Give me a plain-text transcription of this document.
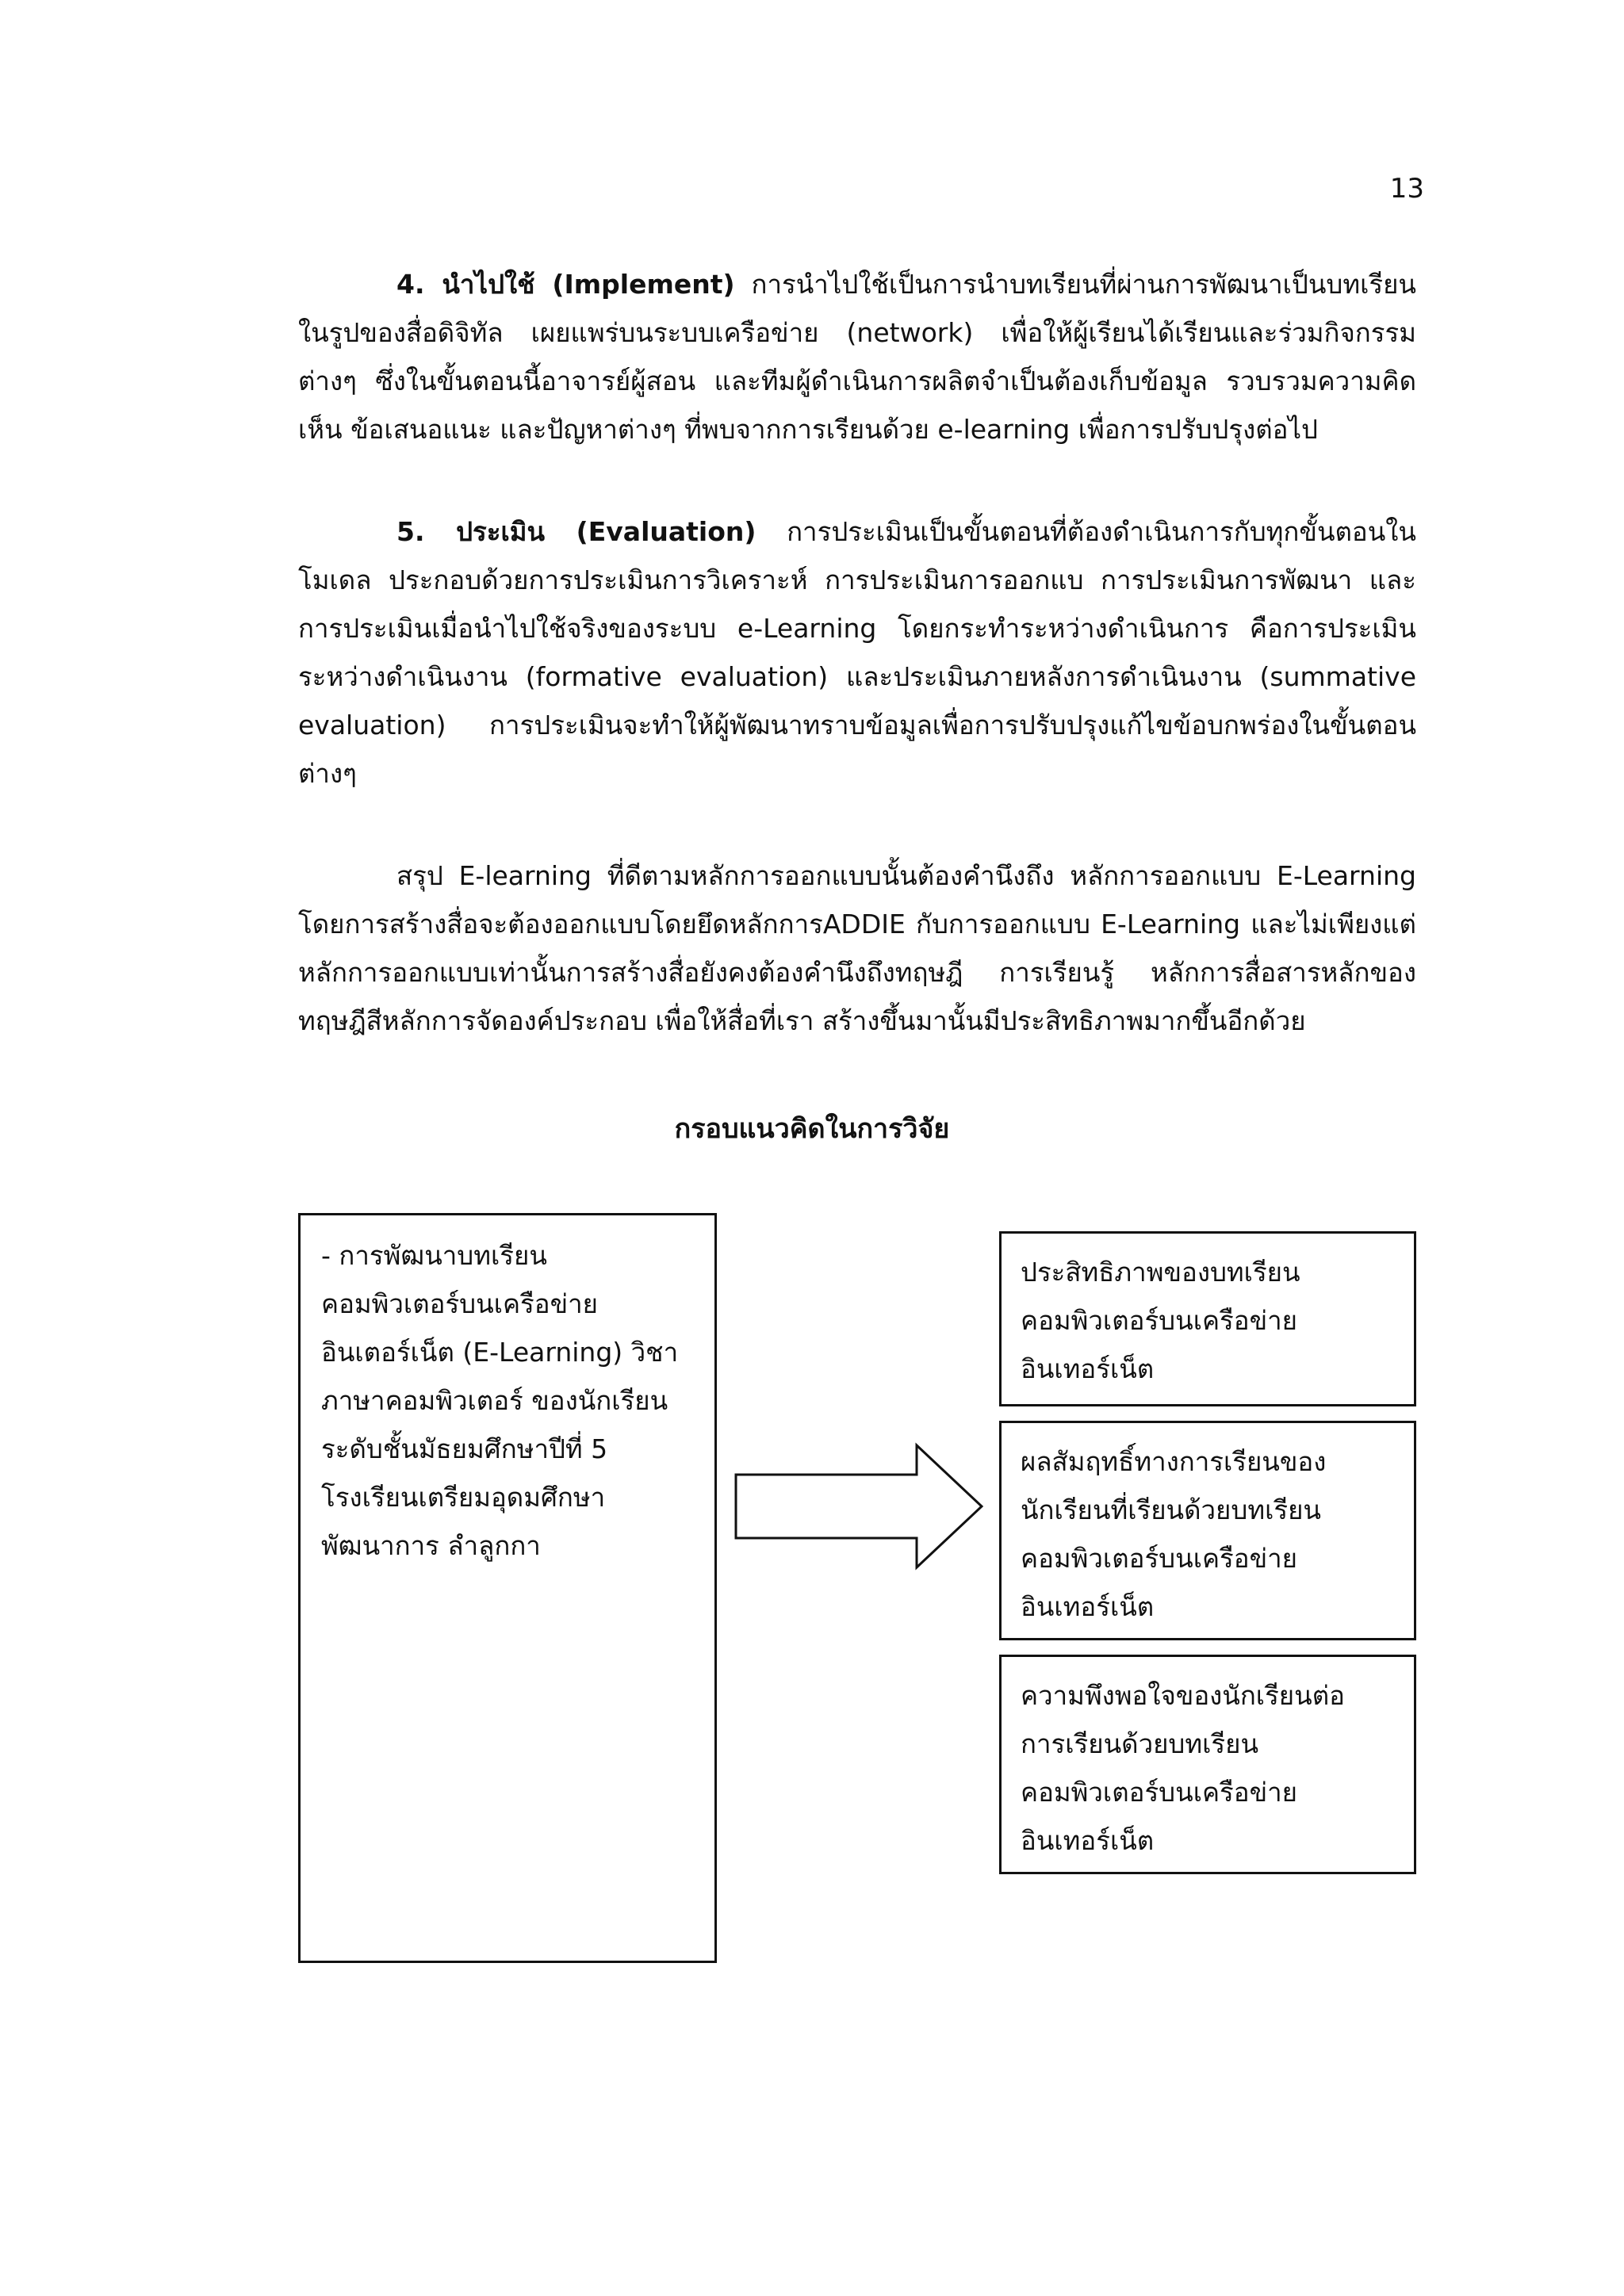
13

4. นำไปใช้ (Implement) การนำไปใช้เป็นการนำบทเรียนที่ผ่านการพัฒนาเป็นบทเรียนในรูปของสื่อดิจิทัล เผยแพร่บนระบบเครือข่าย (network) เพื่อให้ผู้เรียนได้เรียนและร่วมกิจกรรมต่างๆ ซึ่งในขั้นตอนนี้อาจารย์ผู้สอน และทีมผู้ดำเนินการผลิตจำเป็นต้องเก็บข้อมูล รวบรวมความคิดเห็น ข้อเสนอแนะ และปัญหาต่างๆ ที่พบจากการเรียนด้วย e-learning เพื่อการปรับปรุงต่อไป

5. ประเมิน (Evaluation) การประเมินเป็นขั้นตอนที่ต้องดำเนินการกับทุกขั้นตอนในโมเดล ประกอบด้วยการประเมินการวิเคราะห์ การประเมินการออกแบ การประเมินการพัฒนา และการประเมินเมื่อนำไปใช้จริงของระบบ e-Learning โดยกระทำระหว่างดำเนินการ คือการประเมินระหว่างดำเนินงาน (formative evaluation) และประเมินภายหลังการดำเนินงาน (summative evaluation) การประเมินจะทำให้ผู้พัฒนาทราบข้อมูลเพื่อการปรับปรุงแก้ไขข้อบกพร่องในขั้นตอนต่างๆ

สรุป E-learning ที่ดีตามหลักการออกแบบนั้นต้องคำนึงถึง หลักการออกแบบ E-Learning โดยการสร้างสื่อจะต้องออกแบบโดยยึดหลักการADDIE กับการออกแบบ E-Learning และไม่เพียงแต่หลักการออกแบบเท่านั้นการสร้างสื่อยังคงต้องคำนึงถึงทฤษฎี การเรียนรู้ หลักการสื่อสารหลักของทฤษฎีสีหลักการจัดองค์ประกอบ เพื่อให้สื่อที่เรา สร้างขึ้นมานั้นมีประสิทธิภาพมากขึ้นอีกด้วย

กรอบแนวคิดในการวิจัย

- การพัฒนาบทเรียน

คอมพิวเตอร์บนเครือข่าย

อินเตอร์เน็ต (E-Learning) วิชา

ภาษาคอมพิวเตอร์ ของนักเรียน

ระดับชั้นมัธยมศึกษาปีที่ 5

โรงเรียนเตรียมอุดมศึกษา

พัฒนาการ ลำลูกกา

ประสิทธิภาพของบทเรียน

คอมพิวเตอร์บนเครือข่าย

อินเทอร์เน็ต

ผลสัมฤทธิ์ทางการเรียนของ

นักเรียนที่เรียนด้วยบทเรียน

คอมพิวเตอร์บนเครือข่าย

อินเทอร์เน็ต

ความพึงพอใจของนักเรียนต่อ

การเรียนด้วยบทเรียน

คอมพิวเตอร์บนเครือข่าย

อินเทอร์เน็ต
